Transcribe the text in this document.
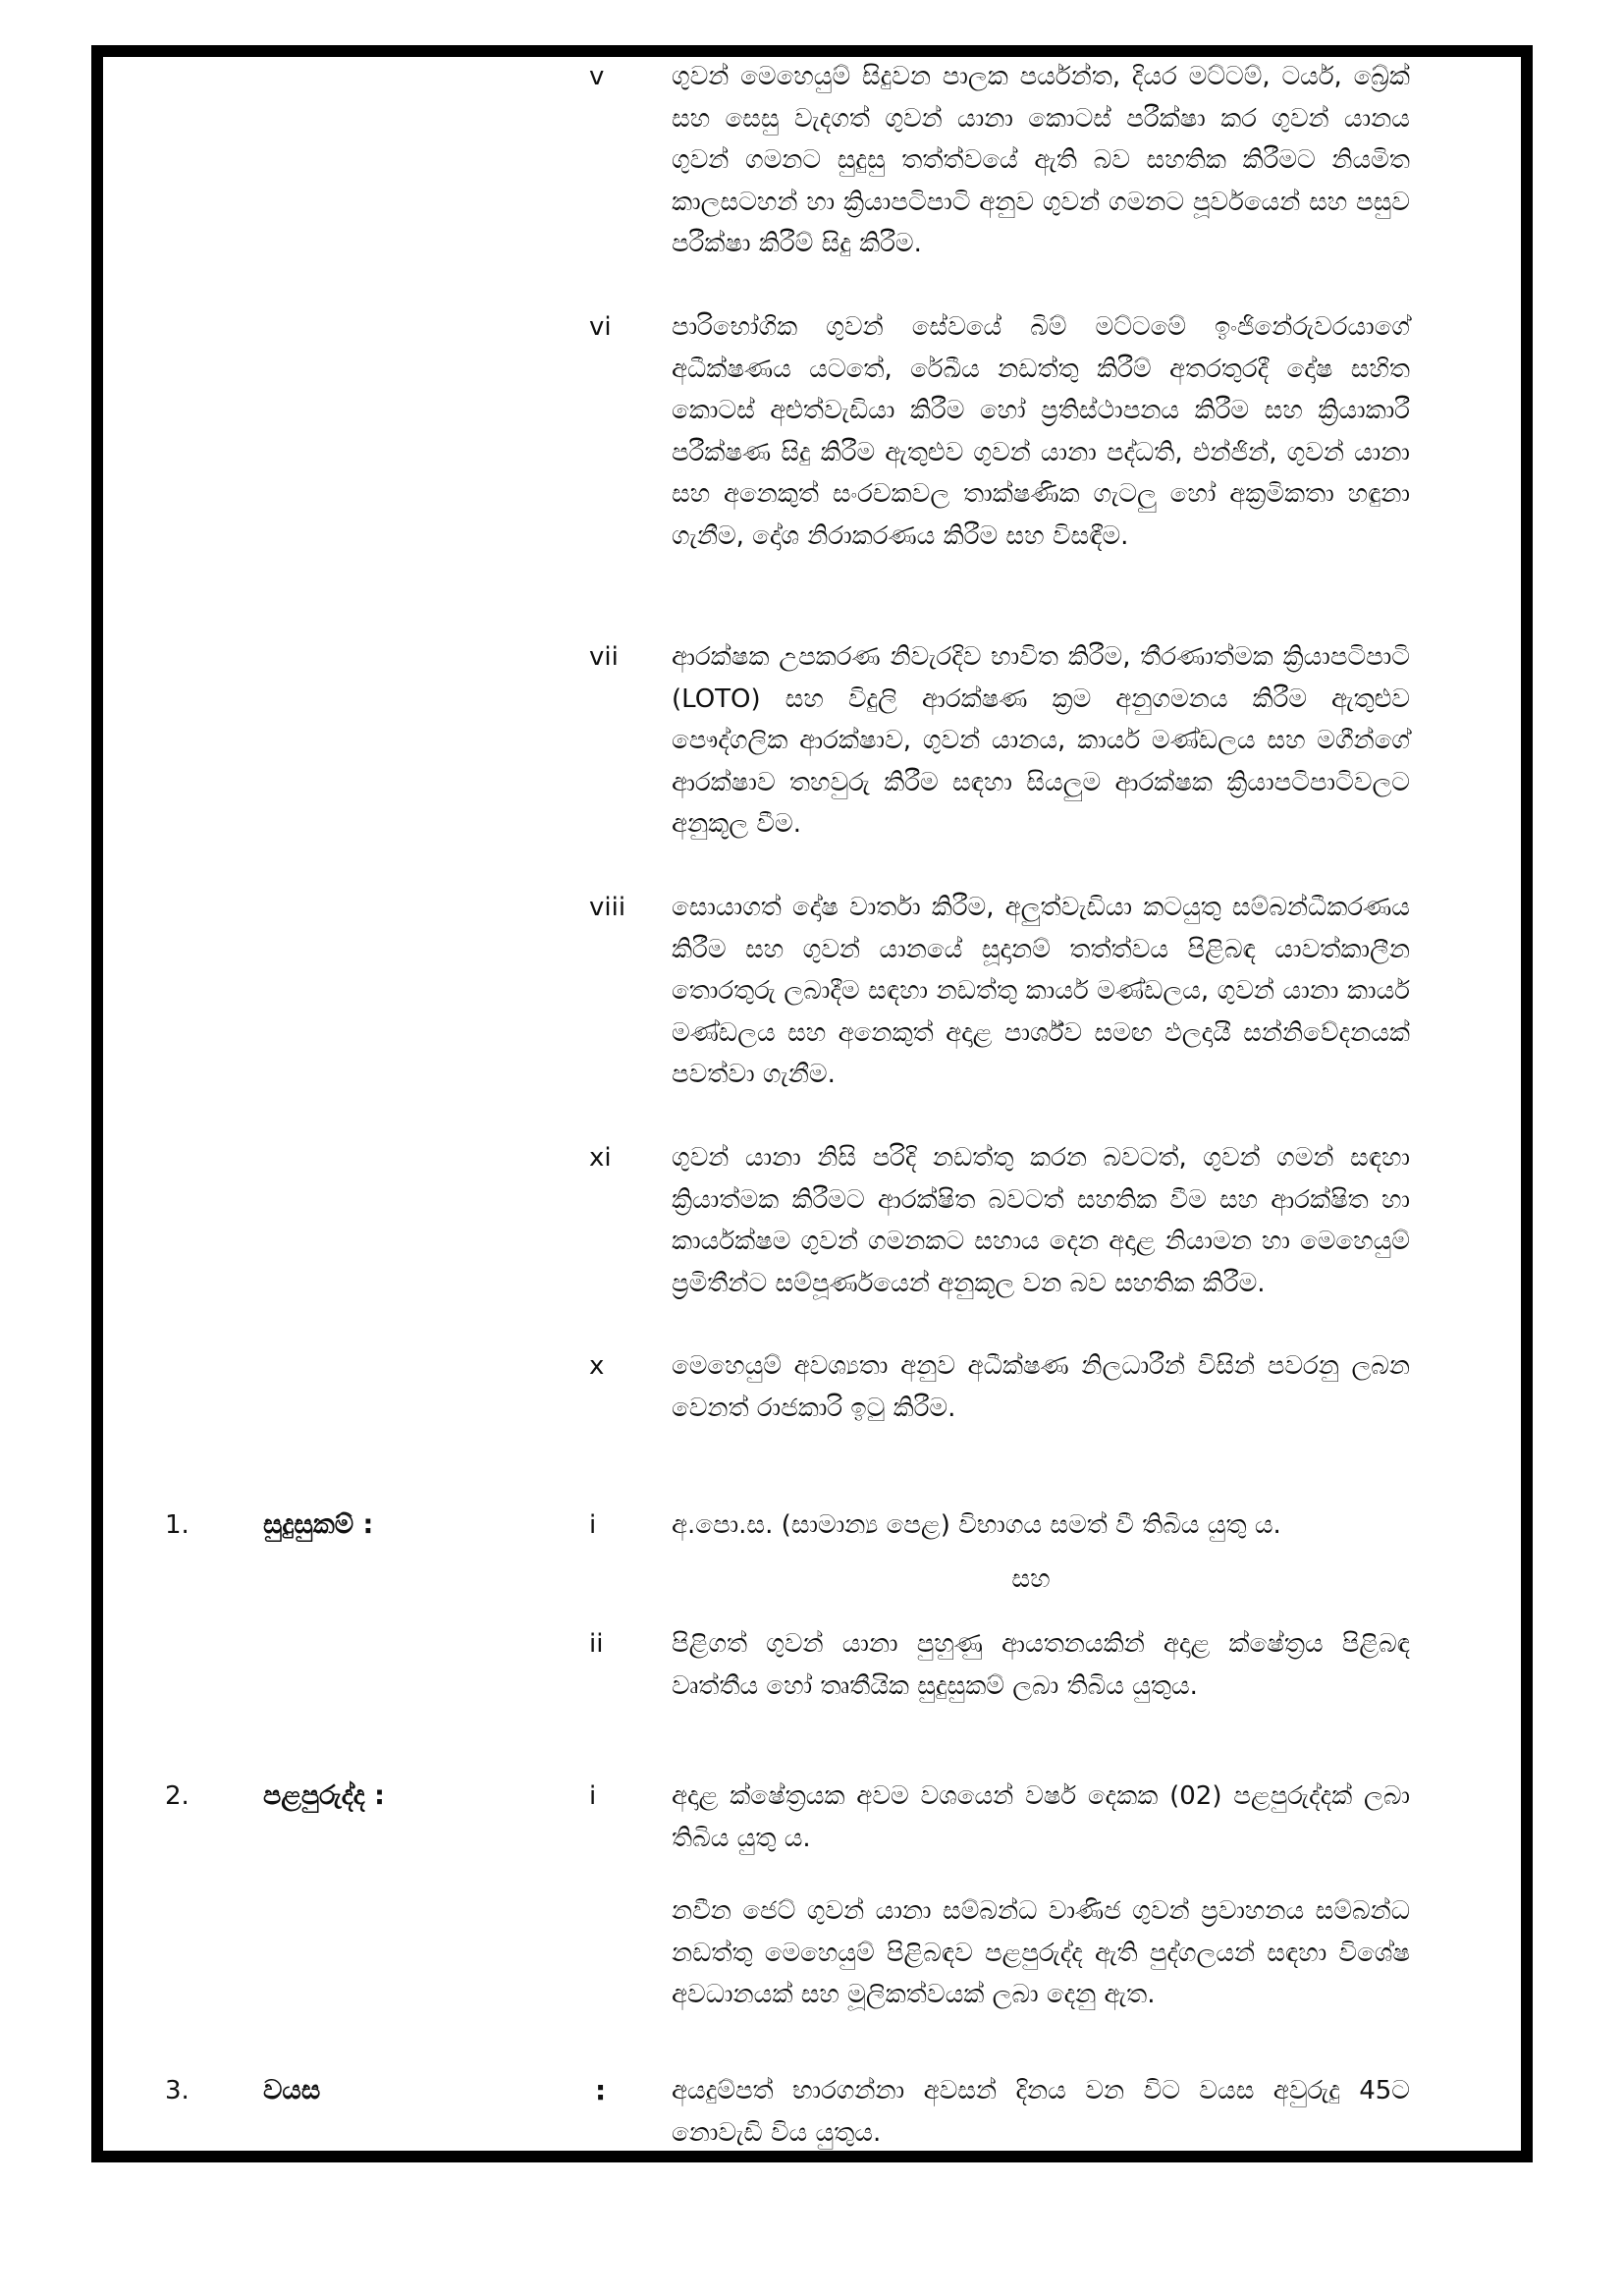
v	ගුවන් මෙහෙයුම් සිදුවන පාලක පර්යන්ත, දියර මට්ටම්, ටයර්, බ්‍රේක් සහ සෙසු වැදගත් ගුවන් යානා කොටස් පරීක්ෂා කර ගුවන් යානය ගුවන් ගමනට සුදුසු තත්ත්වයේ ඇති බව සහතික කිරීමට නියමිත කාලසටහන් හා ක්‍රියාපටිපාටි අනුව ගුවන් ගමනට පූර්වයෙන් සහ පසුව පරීක්ෂා කිරීම් සිදු කිරීම.

vi පාරිභෝගික ගුවන් සේවයේ බිම් මට්ටමේ ඉංජිනේරුවරයාගේ අධීක්ෂණය යටතේ, රේඛීය නඩත්තු කිරීම් අතරතුරදී දෝෂ සහිත කොටස් අළුත්වැඩියා කිරීම හෝ ප්‍රතිස්ථාපනය කිරීම සහ ක්‍රියාකාරී පරීක්ෂණ සිදු කිරීම ඇතුළුව ගුවන් යානා පද්ධති, එන්ජින්, ගුවන් යානා සහ අනෙකුත් සංරචකවල තාක්ෂණික ගැටලු හෝ අක්‍රමිකතා හඳුනා ගැනීම, දෝශ නිරාකරණය කිරීම සහ විසඳීම.

vii ආරක්ෂක උපකරණ නිවැරදිව භාවිත කිරීම, තීරණාත්මක ක්‍රියාපටිපාටි (LOTO) සහ විදුලි ආරක්ෂණ ක්‍රම අනුගමනය කිරීම ඇතුළුව පෞද්ගලික ආරක්ෂාව, ගුවන් යානය, කාර්ය මණ්ඩලය සහ මගීන්ගේ ආරක්ෂාව තහවුරු කිරීම සඳහා සියලුම ආරක්ෂක ක්‍රියාපටිපාටිවලට අනුකූල වීම.

viii සොයාගත් දෝෂ වාර්තා කිරීම, අලුත්වැඩියා කටයුතු සම්බන්ධීකරණය කිරීම සහ ගුවන් යානයේ සූදානම් තත්ත්වය පිළිබඳ යාවත්කාලීන තොරතුරු ලබාදීම සඳහා නඩත්තු කාර්ය මණ්ඩලය, ගුවන් යානා කාර්ය මණ්ඩලය සහ අනෙකුත් අදාළ පාර්ශ්ව සමඟ ඵලදායී සන්නිවේදනයක් පවත්වා ගැනීම.

xi ගුවන් යානා නිසි පරිදි නඩත්තු කරන බවටත්, ගුවන් ගමන් සඳහා ක්‍රියාත්මක කිරීමට ආරක්ෂිත බවටත් සහතික වීම සහ ආරක්ෂිත හා කාර්යක්ෂම ගුවන් ගමනකට සහාය දෙන අදාළ නියාමන හා මෙහෙයුම් ප්‍රමිතීන්ට සම්පූර්ණයෙන් අනුකූල වන බව සහතික කිරීම.

x	මෙහෙයුම් අවශ්‍යතා අනුව අධීක්ෂණ නිලධාරීන් විසින් පවරනු ලබන වෙනත් රාජකාරි ඉටු කිරීම.

1.	සුදුසුකම් :	i	අ.පො.ස. (සාමාන්‍ය පෙළ) විභාගය සමත් වී තිබිය යුතු ය.

සහ
ii	පිළිගත් ගුවන් යානා පුහුණු ආයතනයකින් අදාළ ක්ෂේත්‍රය පිළිබඳ වෘත්තීය හෝ තෘතීයික සුදුසුකම් ලබා තිබිය යුතුය.

2.	පළපුරුද්ද :	i	අදාළ ක්ෂේත්‍රයක අවම වශයෙන් වර්ෂ දෙකක (02) පළපුරුද්දක් ලබා තිබිය යුතු ය.

නවීන ජෙට් ගුවන් යානා සම්බන්ධ වාණිජ ගුවන් ප්‍රවාහනය සම්බන්ධ නඩත්තු මෙහෙයුම් පිළිබඳව පළපුරුද්ද ඇති පුද්ගලයන් සඳහා විශේෂ අවධානයක් සහ මූලිකත්වයක් ලබා දෙනු ඇත.

3.	වයස	:	අයදුම්පත් භාරගන්නා අවසන් දිනය වන විට වයස අවුරුදු 45ට නොවැඩි විය යුතුය.
